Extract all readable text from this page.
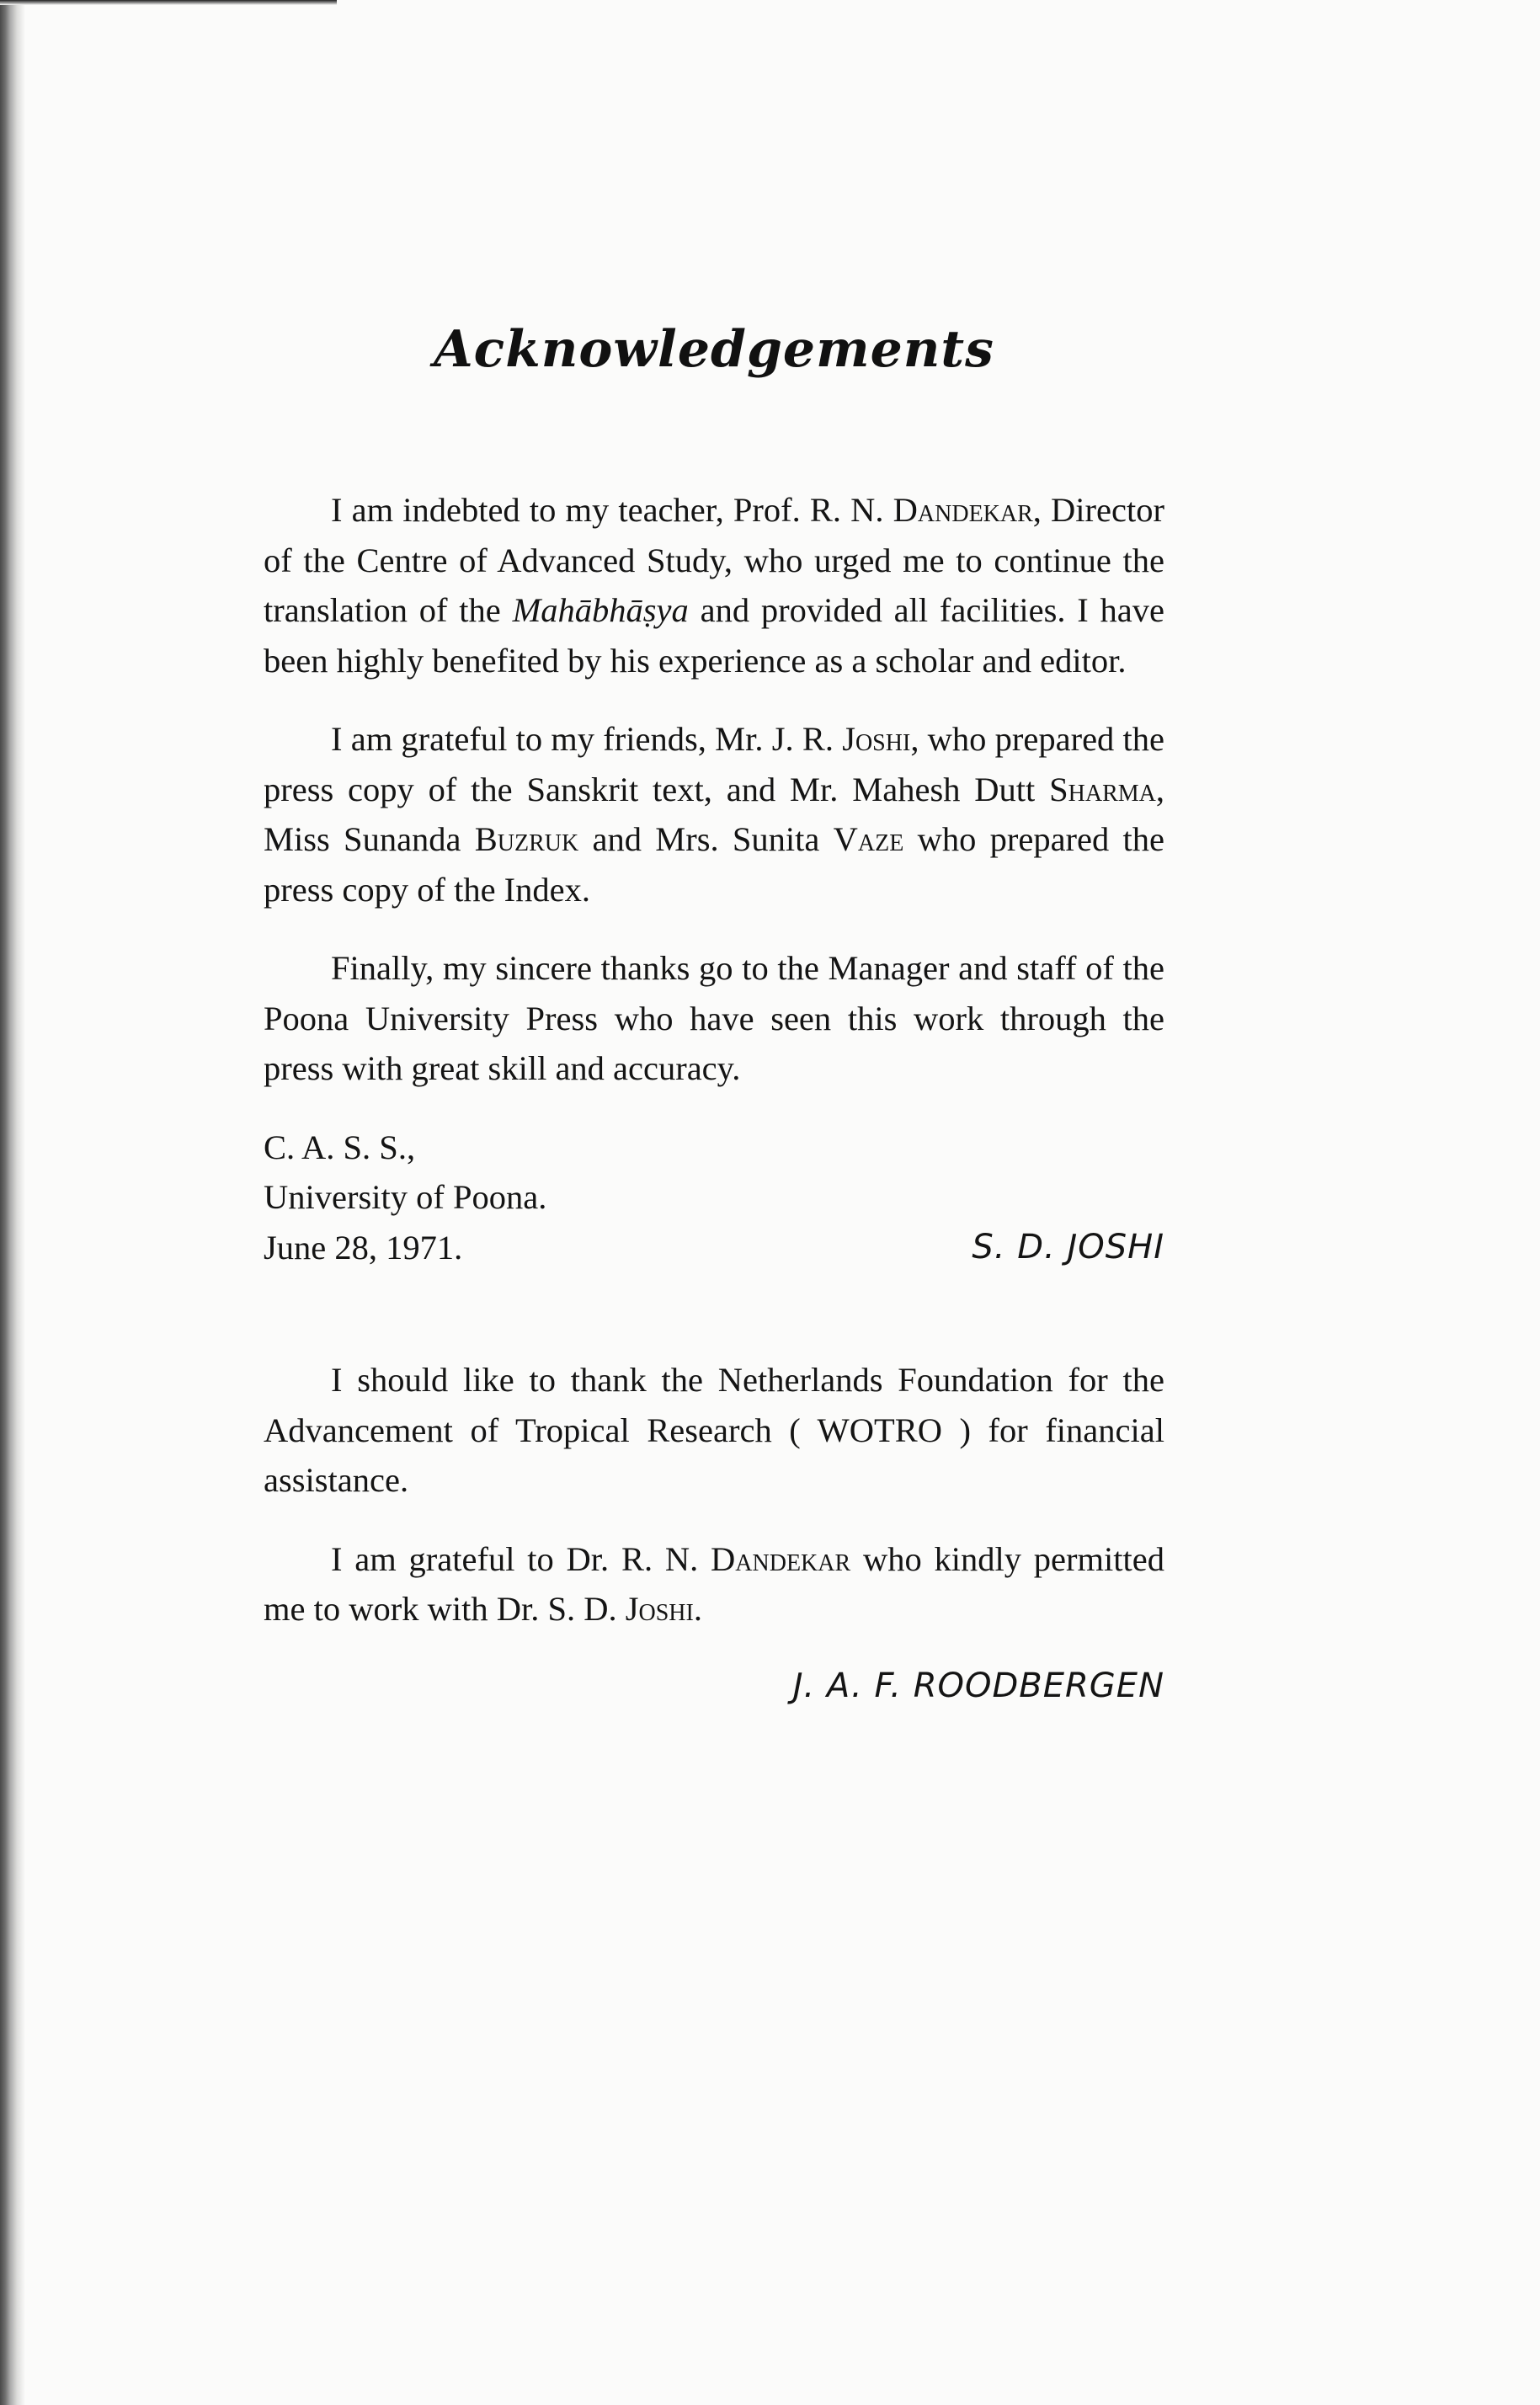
Acknowledgements

I am indebted to my teacher, Prof. R. N. Dandekar, Director of the Centre of Advanced Study, who urged me to continue the translation of the Mahābhāṣya and provided all facilities. I have been highly benefited by his experience as a scholar and editor.

I am grateful to my friends, Mr. J. R. Joshi, who prepared the press copy of the Sanskrit text, and Mr. Mahesh Dutt Sharma, Miss Sunanda Buzruk and Mrs. Sunita Vaze who prepared the press copy of the Index.

Finally, my sincere thanks go to the Manager and staff of the Poona University Press who have seen this work through the press with great skill and accuracy.

C. A. S. S.,
University of Poona.
June 28, 1971.	S. D. JOSHI

I should like to thank the Netherlands Foundation for the Advancement of Tropical Research ( WOTRO ) for financial assistance.

I am grateful to Dr. R. N. Dandekar who kindly permitted me to work with Dr. S. D. Joshi.

J. A. F. ROODBERGEN
